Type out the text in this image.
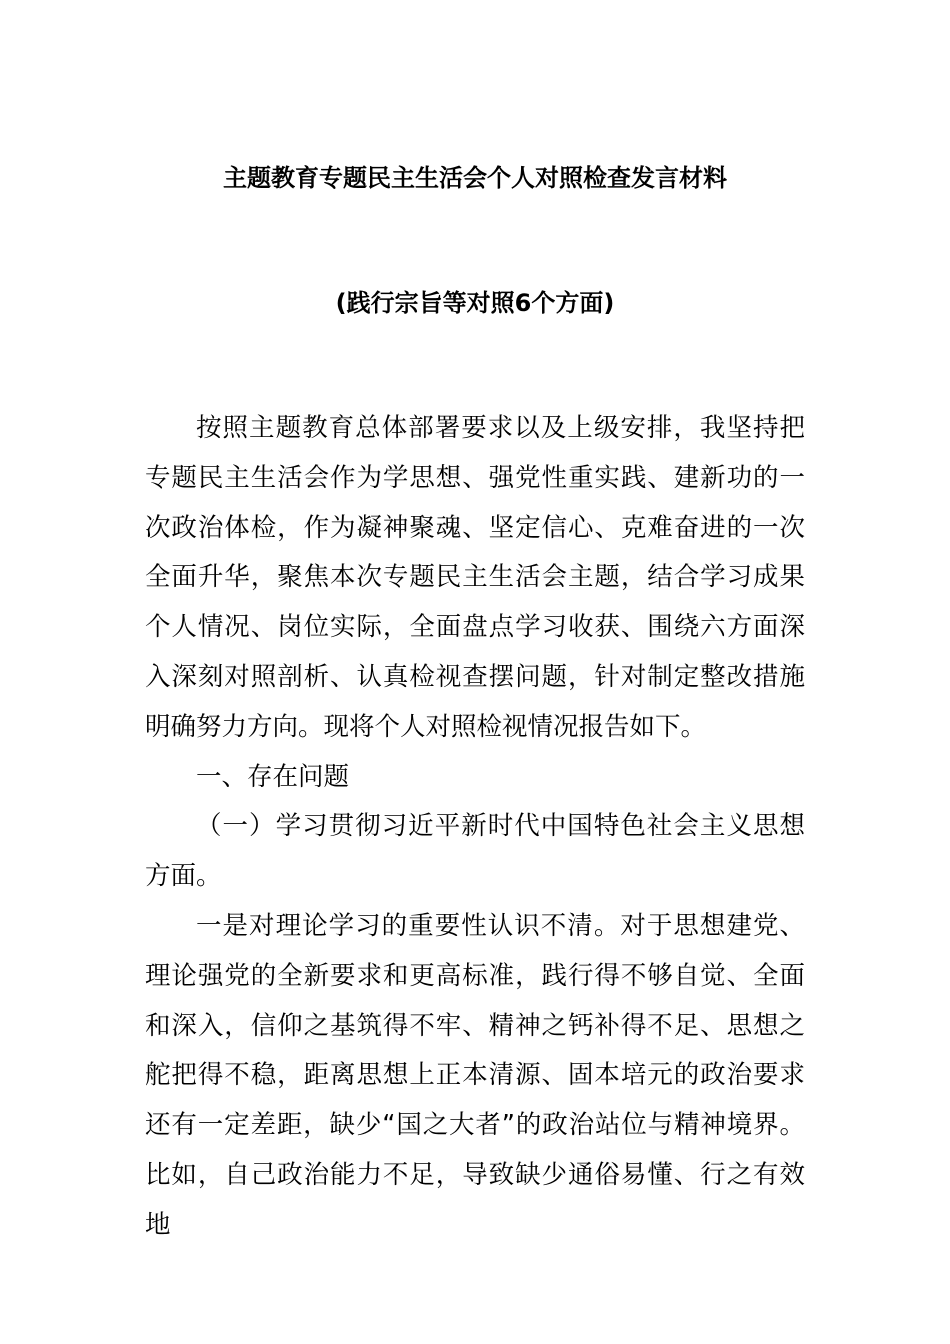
主题教育专题民主生活会个人对照检查发言材料
(践行宗旨等对照6个方面)

按照主题教育总体部署要求以及上级安排，我坚持把专题民主生活会作为学思想、强党性重实践、建新功的一次政治体检，作为凝神聚魂、坚定信心、克难奋进的一次全面升华，聚焦本次专题民主生活会主题，结合学习成果个人情况、岗位实际，全面盘点学习收获、围绕六方面深入深刻对照剖析、认真检视查摆问题，针对制定整改措施明确努力方向。现将个人对照检视情况报告如下。

一、存在问题

（一）学习贯彻习近平新时代中国特色社会主义思想方面。

一是对理论学习的重要性认识不清。对于思想建党、理论强党的全新要求和更高标准，践行得不够自觉、全面和深入，信仰之基筑得不牢、精神之钙补得不足、思想之舵把得不稳，距离思想上正本清源、固本培元的政治要求还有一定差距，缺少“国之大者”的政治站位与精神境界。比如，自己政治能力不足，导致缺少通俗易懂、行之有效地
